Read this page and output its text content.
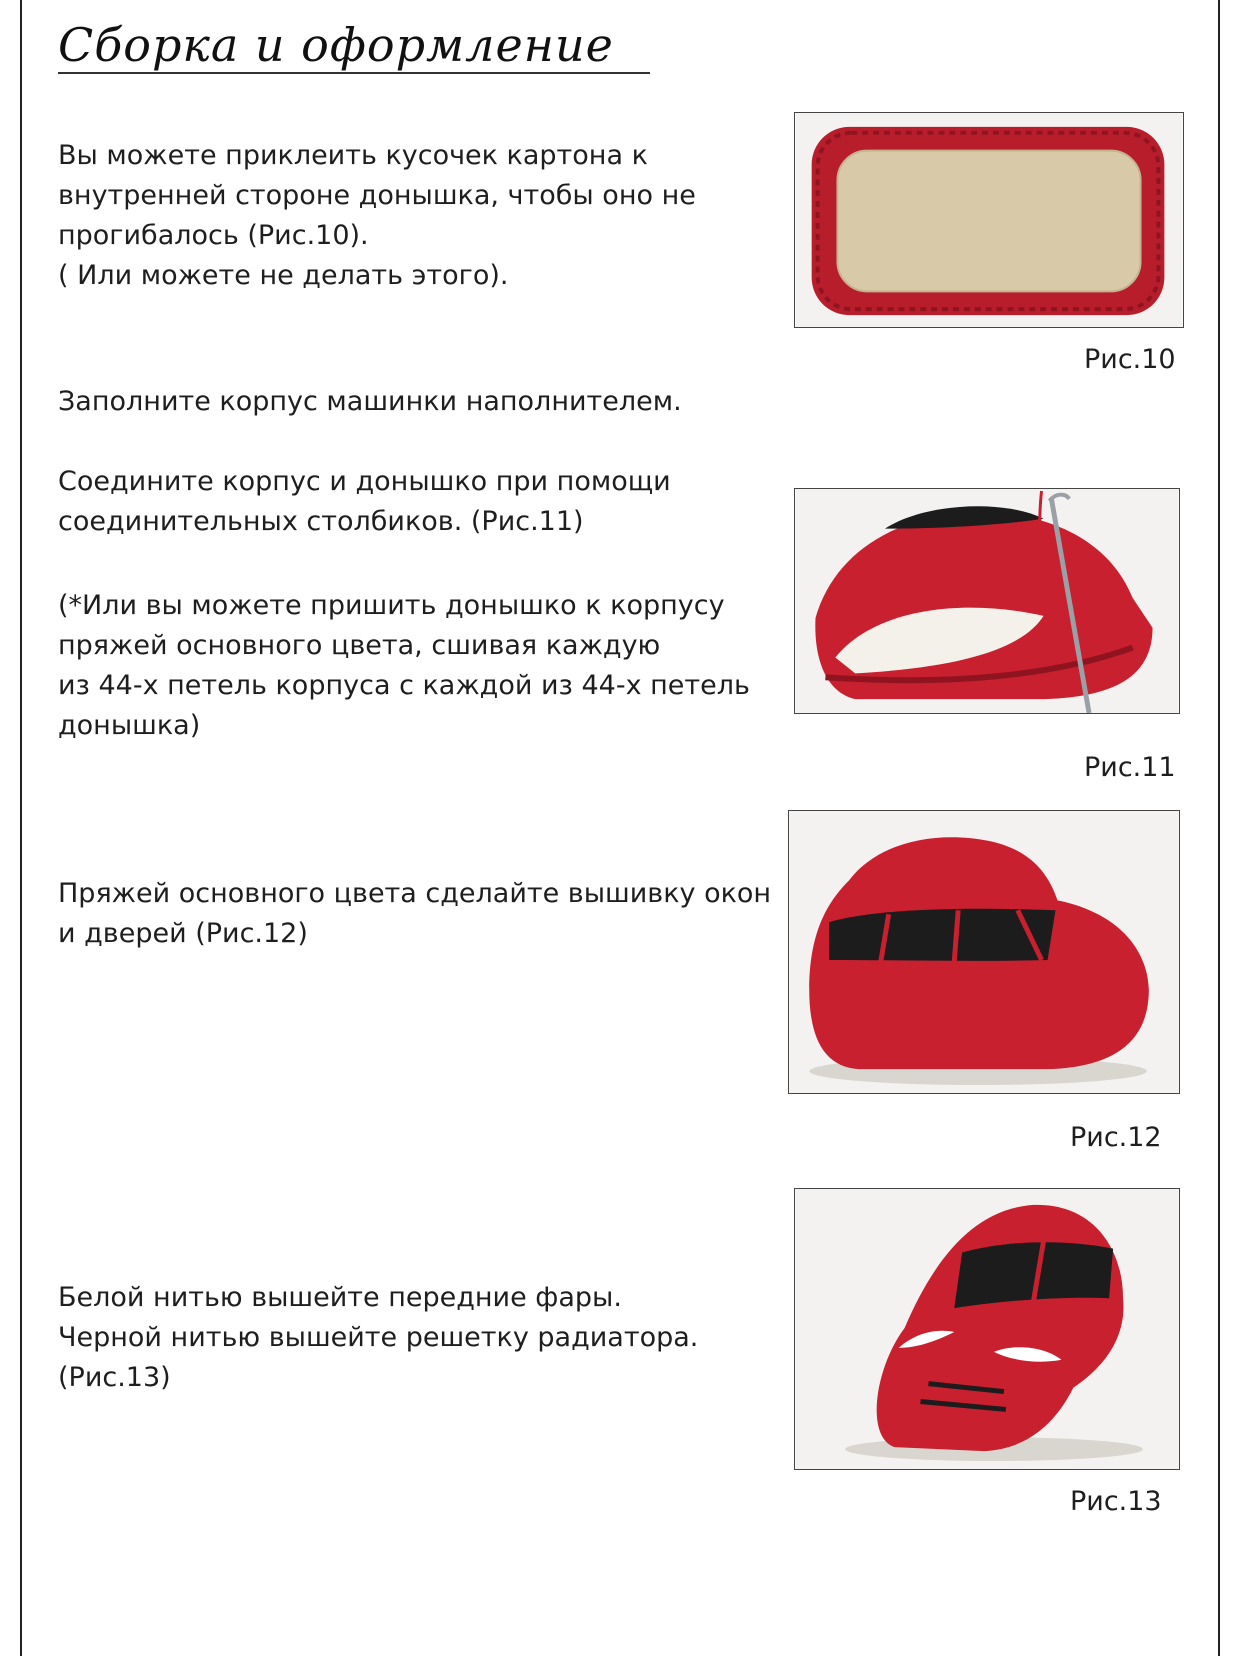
Сборка и оформление
Вы можете приклеить кусочек картона к
внутренней стороне донышка, чтобы оно не
прогибалось (Рис.10).
( Или можете не делать этого).
Заполните корпус машинки наполнителем.
Соедините корпус и донышко при помощи
соединительных столбиков. (Рис.11)
(*Или вы можете пришить донышко к корпусу
пряжей основного цвета, сшивая каждую
из 44-х петель корпуса с каждой из 44-х петель
донышка)
Пряжей основного цвета сделайте вышивку окон
и дверей (Рис.12)
Белой нитью вышейте передние фары.
Черной нитью вышейте решетку радиатора.
(Рис.13)
Рис.10
Рис.11
Рис.12
Рис.13
